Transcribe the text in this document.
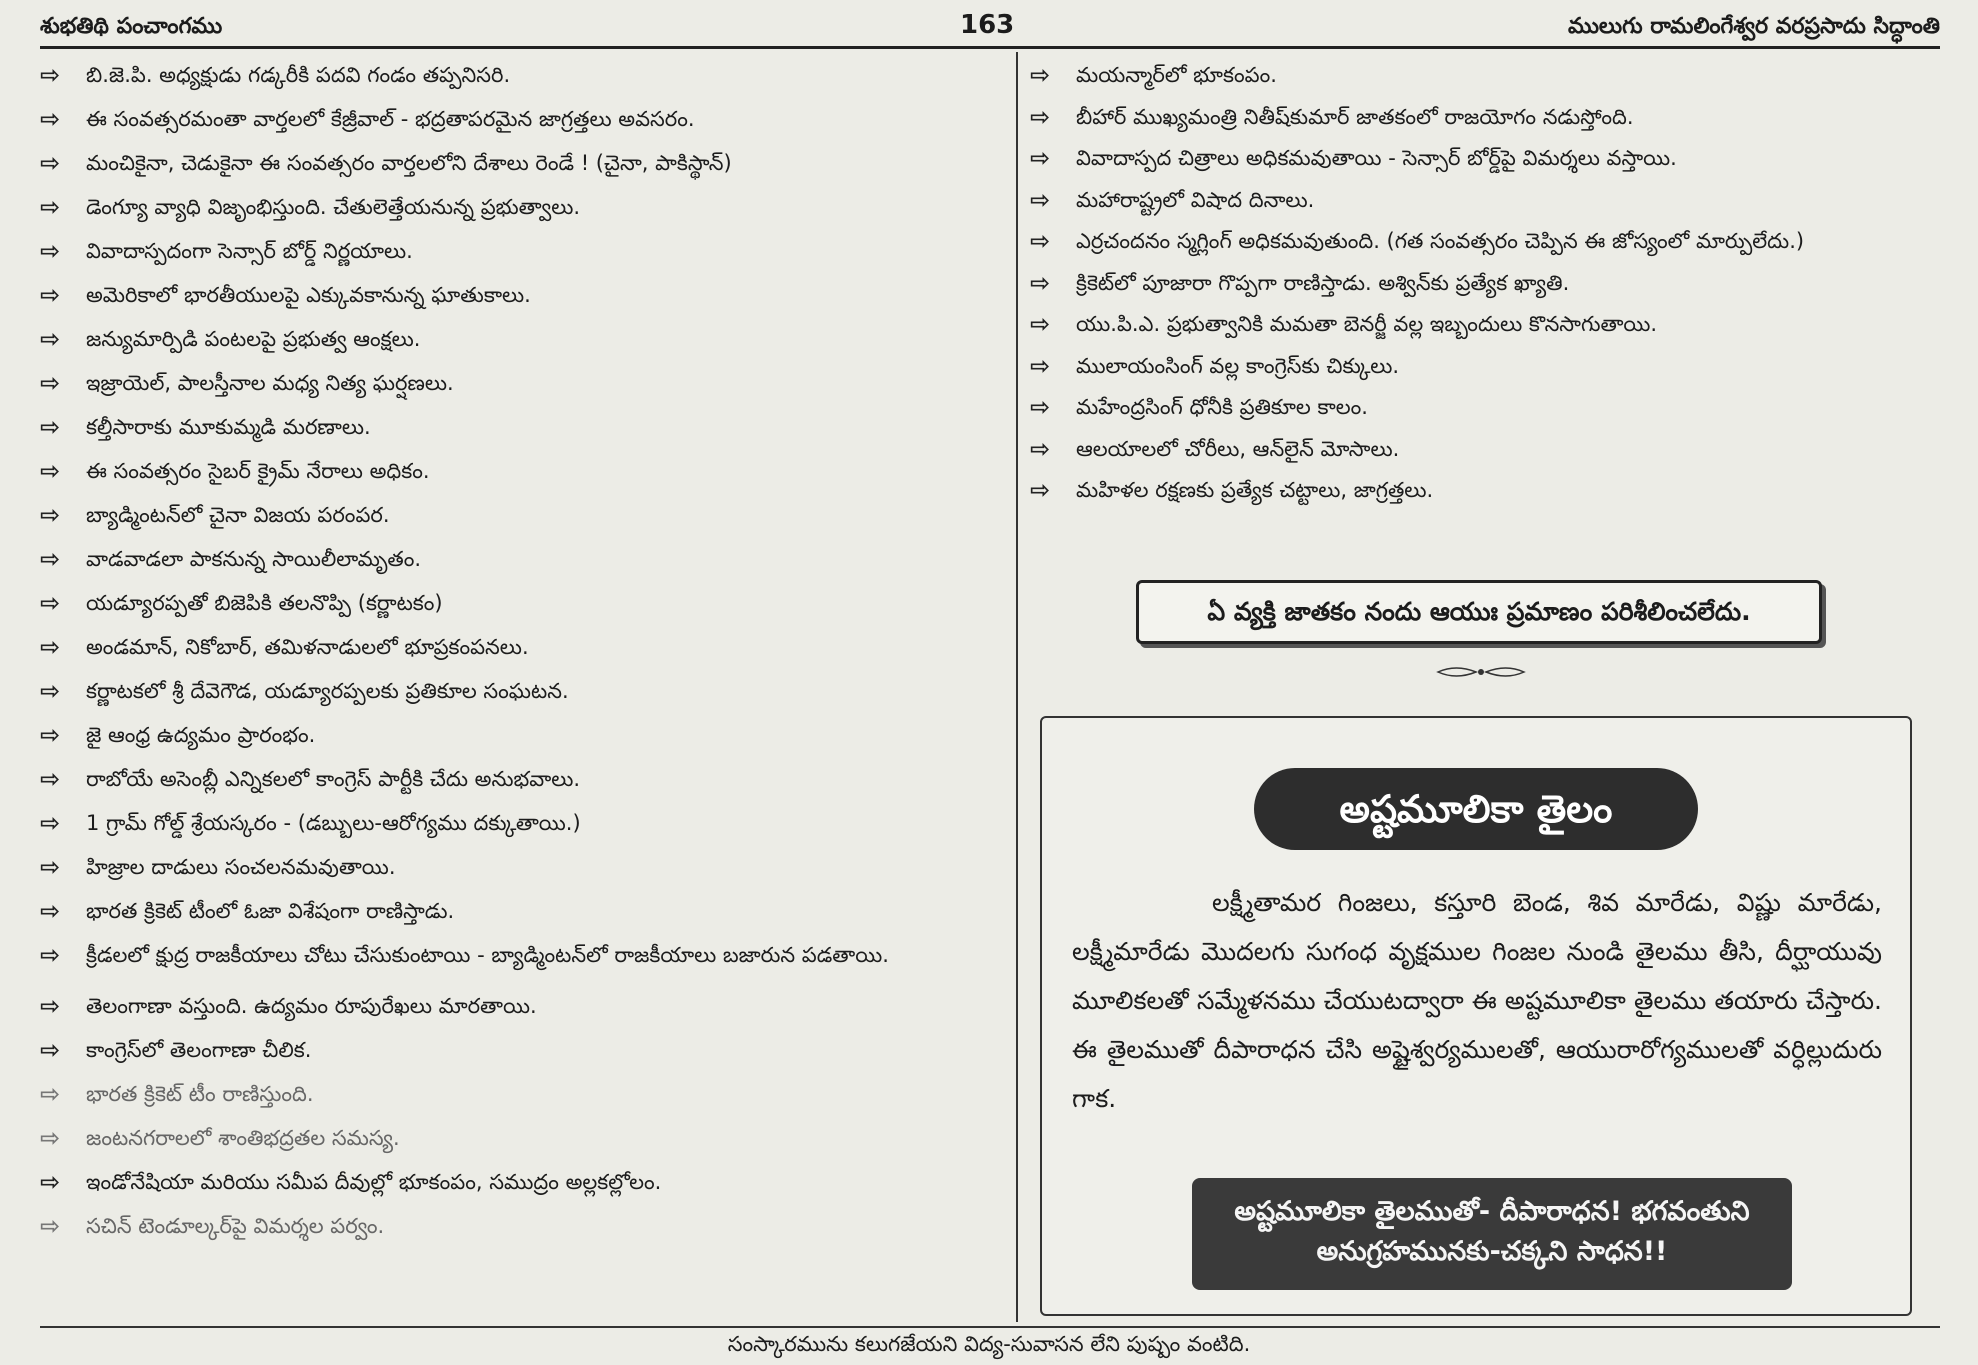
శుభతిథి పంచాంగము	163	ములుగు రామలింగేశ్వర వరప్రసాదు సిద్ధాంతి
⇨	బి.జె.పి. అధ్యక్షుడు గడ్కరీకి పదవి గండం తప్పనిసరి.
⇨	ఈ సంవత్సరమంతా వార్తలలో కేజ్రీవాల్ - భద్రతాపరమైన జాగ్రత్తలు అవసరం.
⇨	మంచికైనా, చెడుకైనా ఈ సంవత్సరం వార్తలలోని దేశాలు రెండే ! (చైనా, పాకిస్థాన్)
⇨	డెంగ్యూ వ్యాధి విజృంభిస్తుంది. చేతులెత్తేయనున్న ప్రభుత్వాలు.
⇨	వివాదాస్పదంగా సెన్సార్ బోర్డ్ నిర్ణయాలు.
⇨	అమెరికాలో భారతీయులపై ఎక్కువకానున్న ఘాతుకాలు.
⇨	జన్యుమార్పిడి పంటలపై ప్రభుత్వ ఆంక్షలు.
⇨	ఇజ్రాయెల్, పాలస్తీనాల మధ్య నిత్య ఘర్షణలు.
⇨	కల్తీసారాకు మూకుమ్మడి మరణాలు.
⇨	ఈ సంవత్సరం సైబర్ క్రైమ్ నేరాలు అధికం.
⇨	బ్యాడ్మింటన్‌లో చైనా విజయ పరంపర.
⇨	వాడవాడలా పాకనున్న సాయిలీలామృతం.
⇨	యడ్యూరప్పతో బిజెపికి తలనొప్పి (కర్ణాటకం)
⇨	అండమాన్, నికోబార్, తమిళనాడులలో భూప్రకంపనలు.
⇨	కర్ణాటకలో శ్రీ దేవెగౌడ, యడ్యూరప్పలకు ప్రతికూల సంఘటన.
⇨	జై ఆంధ్ర ఉద్యమం ప్రారంభం.
⇨	రాబోయే అసెంబ్లీ ఎన్నికలలో కాంగ్రెస్ పార్టీకి చేదు అనుభవాలు.
⇨	1 గ్రామ్ గోల్డ్ శ్రేయస్కరం - (డబ్బులు-ఆరోగ్యము దక్కుతాయి.)
⇨	హిజ్రాల దాడులు సంచలనమవుతాయి.
⇨	భారత క్రికెట్ టీంలో ఓజా విశేషంగా రాణిస్తాడు.
⇨	క్రీడలలో క్షుద్ర రాజకీయాలు చోటు చేసుకుంటాయి - బ్యాడ్మింటన్‌లో రాజకీయాలు బజారున పడతాయి.
⇨	తెలంగాణా వస్తుంది. ఉద్యమం రూపురేఖలు మారతాయి.
⇨	కాంగ్రెస్‌లో తెలంగాణా చీలిక.
⇨	భారత క్రికెట్ టీం రాణిస్తుంది.
⇨	జంటనగరాలలో శాంతిభద్రతల సమస్య.
⇨	ఇండోనేషియా మరియు సమీప దీవుల్లో భూకంపం, సముద్రం అల్లకల్లోలం.
⇨	సచిన్ టెండూల్కర్‌పై విమర్శల పర్వం.
⇨	మయన్మార్‌లో భూకంపం.
⇨	బీహార్ ముఖ్యమంత్రి నితీష్‌కుమార్ జాతకంలో రాజయోగం నడుస్తోంది.
⇨	వివాదాస్పద చిత్రాలు అధికమవుతాయి - సెన్సార్ బోర్డ్‌పై విమర్శలు వస్తాయి.
⇨	మహారాష్ట్రలో విషాద దినాలు.
⇨	ఎర్రచందనం స్మగ్లింగ్ అధికమవుతుంది. (గత సంవత్సరం చెప్పిన ఈ జోస్యంలో మార్పులేదు.)
⇨	క్రికెట్‌లో పూజారా గొప్పగా రాణిస్తాడు. అశ్విన్‌కు ప్రత్యేక ఖ్యాతి.
⇨	యు.పి.ఎ. ప్రభుత్వానికి మమతా బెనర్జీ వల్ల ఇబ్బందులు కొనసాగుతాయి.
⇨	ములాయంసింగ్ వల్ల కాంగ్రెస్‌కు చిక్కులు.
⇨	మహేంద్రసింగ్ ధోనీకి ప్రతికూల కాలం.
⇨	ఆలయాలలో చోరీలు, ఆన్‌లైన్ మోసాలు.
⇨	మహిళల రక్షణకు ప్రత్యేక చట్టాలు, జాగ్రత్తలు.
ఏ వ్యక్తి జాతకం నందు ఆయుః ప్రమాణం పరిశీలించలేదు.
అష్టమూలికా తైలం
లక్ష్మీతామర గింజలు, కస్తూరి బెండ, శివ మారేడు, విష్ణు మారేడు, లక్ష్మీమారేడు మొదలగు సుగంధ వృక్షముల గింజల నుండి తైలము తీసి, దీర్ఘాయువు మూలికలతో సమ్మేళనము చేయుటద్వారా ఈ అష్టమూలికా తైలము తయారు చేస్తారు. ఈ తైలముతో దీపారాధన చేసి అష్టైశ్వర్యములతో, ఆయురారోగ్యములతో వర్ధిల్లుదురు గాక.
అష్టమూలికా తైలముతో- దీపారాధన! భగవంతుని
అనుగ్రహమునకు-చక్కని సాధన!!
సంస్కారమును కలుగజేయని విద్య-సువాసన లేని పుష్పం వంటిది.
